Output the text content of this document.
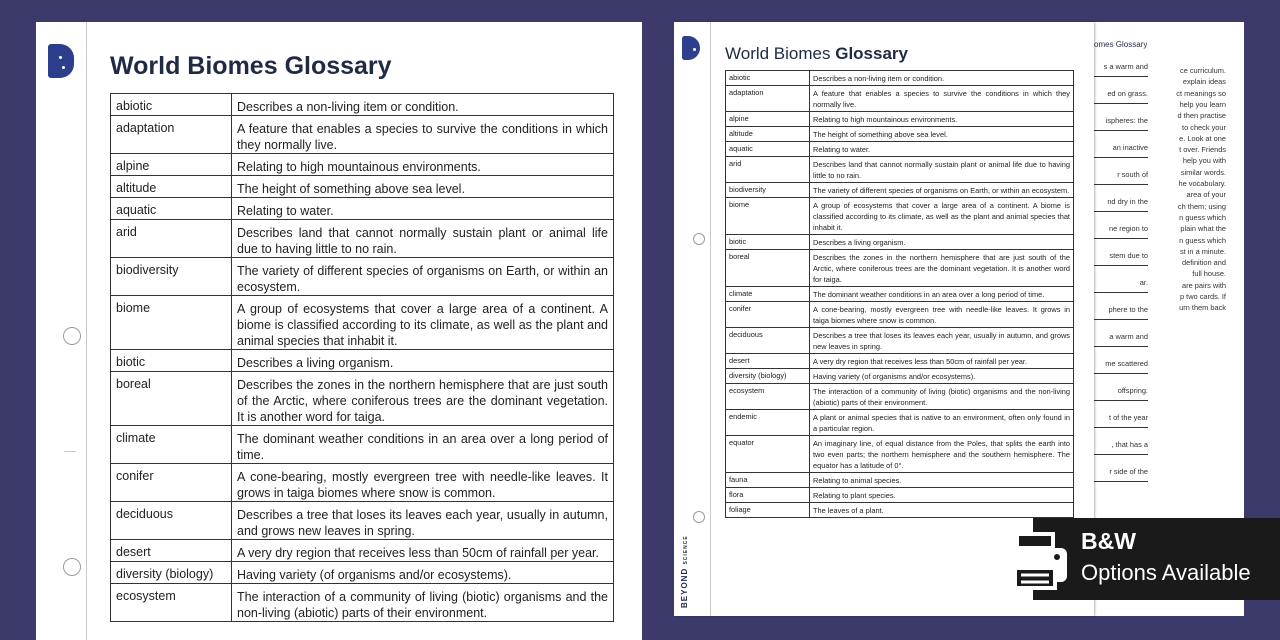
World Biomes Glossary
abiotic	Describes a non-living item or condition.
adaptation	A feature that enables a species to survive the conditions in which they normally live.
alpine	Relating to high mountainous environments.
altitude	The height of something above sea level.
aquatic	Relating to water.
arid	Describes land that cannot normally sustain plant or animal life due to having little to no rain.
biodiversity	The variety of different species of organisms on Earth, or within an ecosystem.
biome	A group of ecosystems that cover a large area of a continent. A biome is classified according to its climate, as well as the plant and animal species that inhabit it.
biotic	Describes a living organism.
boreal	Describes the zones in the northern hemisphere that are just south of the Arctic, where coniferous trees are the dominant vegetation. It is another word for taiga.
climate	The dominant weather conditions in an area over a long period of time.
conifer	A cone-bearing, mostly evergreen tree with needle-like leaves. It grows in taiga biomes where snow is common.
deciduous	Describes a tree that loses its leaves each year, usually in autumn, and grows new leaves in spring.
desert	A very dry region that receives less than 50cm of rainfall per year.
diversity (biology)	Having variety (of organisms and/or ecosystems).
ecosystem	The interaction of a community of living (biotic) organisms and the non-living (abiotic) parts of their environment.
ce curriculum.
explain ideas
ct meanings so
help you learn
d then practise
to check your
e. Look at one
t over. Friends
help you with
similar words.
he vocabulary.
area of your
ch them; using
n guess which
plain what the
n guess which
st in a minute.
definition and
full house.
are pairs with
p two cards. If
urn them back
omes Glossary
s a warm and
ed on grass.
ispheres: the
an inactive
r south of
nd dry in the
ne region to
stem due to
ar.
phere to the
a warm and
me scattered
offspring.
t of the year
, that has a
r side of the
BEYOND SCIENCE
World Biomes Glossary
abiotic	Describes a non-living item or condition.
adaptation	A feature that enables a species to survive the conditions in which they normally live.
alpine	Relating to high mountainous environments.
altitude	The height of something above sea level.
aquatic	Relating to water.
arid	Describes land that cannot normally sustain plant or animal life due to having little to no rain.
biodiversity	The variety of different species of organisms on Earth, or within an ecosystem.
biome	A group of ecosystems that cover a large area of a continent. A biome is classified according to its climate, as well as the plant and animal species that inhabit it.
biotic	Describes a living organism.
boreal	Describes the zones in the northern hemisphere that are just south of the Arctic, where coniferous trees are the dominant vegetation. It is another word for taiga.
climate	The dominant weather conditions in an area over a long period of time.
conifer	A cone-bearing, mostly evergreen tree with needle-like leaves. It grows in taiga biomes where snow is common.
deciduous	Describes a tree that loses its leaves each year, usually in autumn, and grows new leaves in spring.
desert	A very dry region that receives less than 50cm of rainfall per year.
diversity (biology)	Having variety (of organisms and/or ecosystems).
ecosystem	The interaction of a community of living (biotic) organisms and the non-living (abiotic) parts of their environment.
endemic	A plant or animal species that is native to an environment, often only found in a particular region.
equator	An imaginary line, of equal distance from the Poles, that splits the earth into two even parts; the northern hemisphere and the southern hemisphere. The equator has a latitude of 0°.
fauna	Relating to animal species.
flora	Relating to plant species.
foliage	The leaves of a plant.
B&W
Options Available
